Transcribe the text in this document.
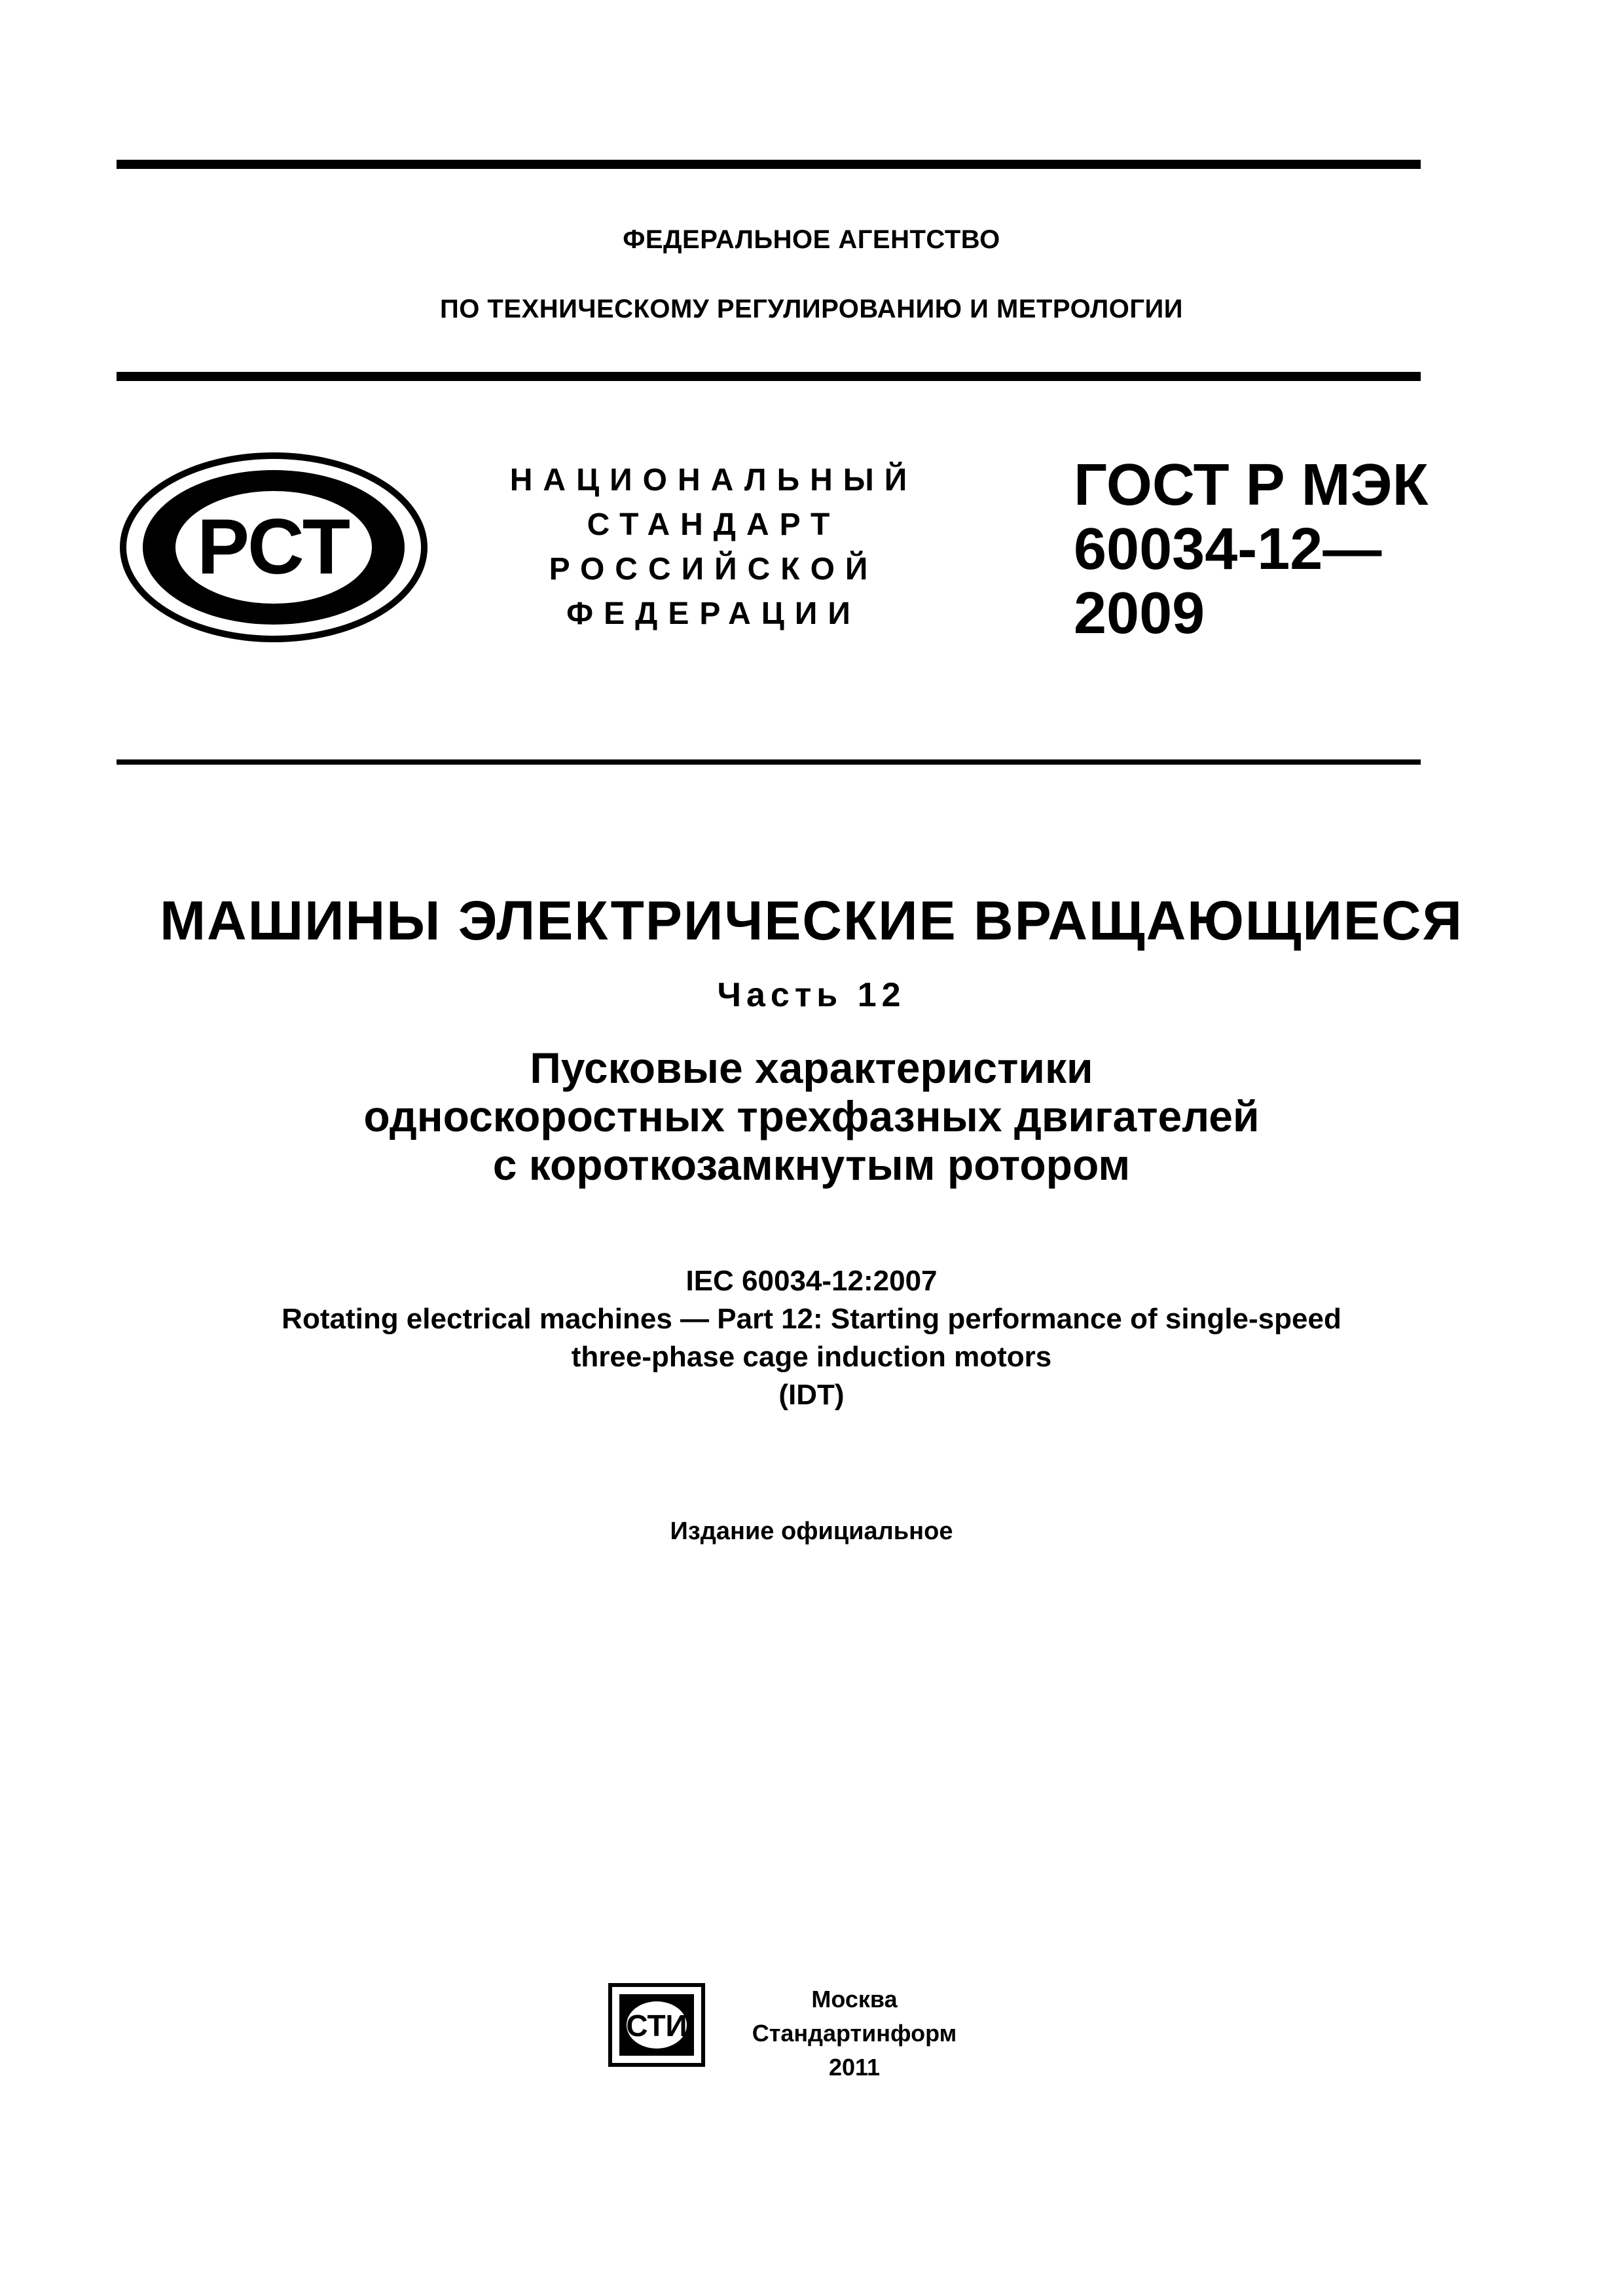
ФЕДЕРАЛЬНОЕ АГЕНТСТВО
ПО ТЕХНИЧЕСКОМУ РЕГУЛИРОВАНИЮ И МЕТРОЛОГИИ
РСТ
НАЦИОНАЛЬНЫЙ
СТАНДАРТ
РОССИЙСКОЙ
ФЕДЕРАЦИИ
ГОСТ Р МЭК
60034-12—
2009
МАШИНЫ ЭЛЕКТРИЧЕСКИЕ ВРАЩАЮЩИЕСЯ
Часть 12
Пусковые характеристики
односкоростных трехфазных двигателей
с короткозамкнутым ротором
IEC 60034-12:2007
Rotating electrical machines — Part 12: Starting performance of single-speed
three-phase cage induction motors
(IDT)
Издание официальное
СТИ
Москва
Стандартинформ
2011
